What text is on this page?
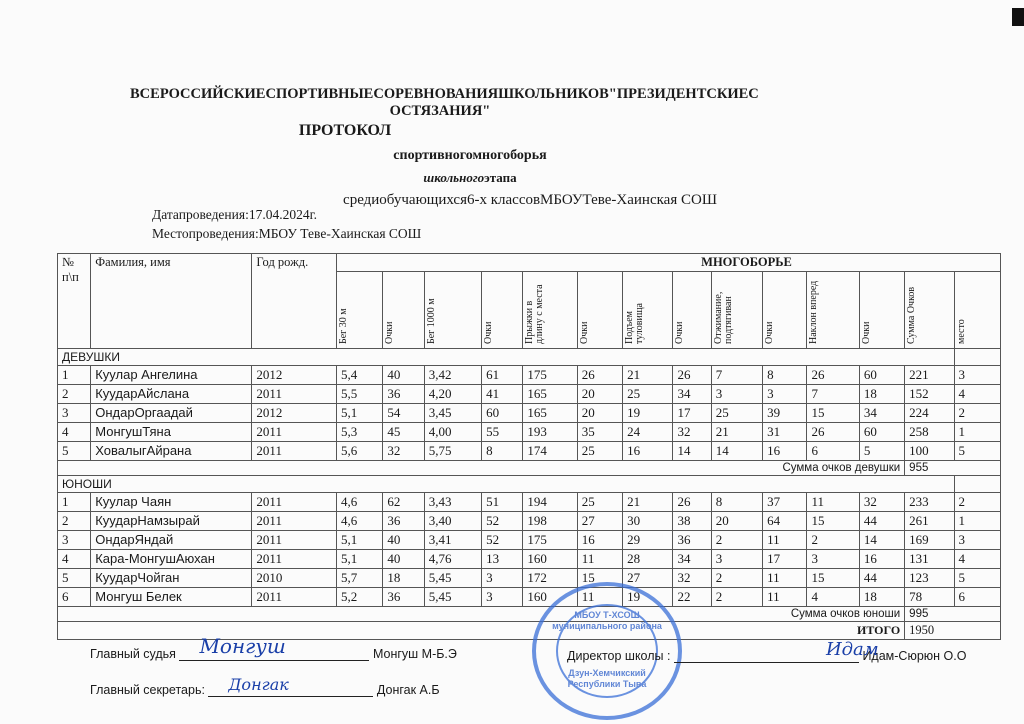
ВСЕРОССИЙСКИЕСПОРТИВНЫЕСОРЕВНОВАНИЯШКОЛЬНИКОВ"ПРЕЗИДЕНТСКИЕС
ОСТЯЗАНИЯ"
ПРОТОКОЛ
спортивногомногоборья
школьногоэтапа
средиобучающихся6-х классовМБОУТеве-Хаинская СОШ
Датапроведения:17.04.2024г.
Местопроведения:МБОУ Теве-Хаинская СОШ
№ п\п	Фамилия, имя	Год рожд.	МНОГОБОРЬЕ													

			Бег 30 м	Очки	Бег 1000 м	Очки	Прыжки в длину с места	Очки	Подъем туловища	Очки	Отжимание, подтягиван	Очки	Наклон вперед	Очки	Сумма Очков	место

ДЕВУШКИ																
1	Куулар Ангелина	2012	5,4	40	3,42	61	175	26	21	26	7	8	26	60	221	3
2	КуударАйслана	2011	5,5	36	4,20	41	165	20	25	34	3	3	7	18	152	4
3	ОндарОргаадай	2012	5,1	54	3,45	60	165	20	19	17	25	39	15	34	224	2
4	МонгушТяна	2011	5,3	45	4,00	55	193	35	24	32	21	31	26	60	258	1
5	ХовалыгАйрана	2011	5,6	32	5,75	8	174	25	16	14	14	16	6	5	100	5
Сумма очков девушки															955	
ЮНОШИ																
1	Куулар Чаян	2011	4,6	62	3,43	51	194	25	21	26	8	37	11	32	233	2
2	КуударНамзырай	2011	4,6	36	3,40	52	198	27	30	38	20	64	15	44	261	1
3	ОндарЯндай	2011	5,1	40	3,41	52	175	16	29	36	2	11	2	14	169	3
4	Кара-МонгушАюхан	2011	5,1	40	4,76	13	160	11	28	34	3	17	3	16	131	4
5	КуударЧойган	2010	5,7	18	5,45	3	172	15	27	32	2	11	15	44	123	5
6	Монгуш Белек	2011	5,2	36	5,45	3	160	11	19	22	2	11	4	18	78	6
Сумма очков юноши															995	
ИТОГО															1950	
Главный судья Монгуш	Монгуш М-Б.Э
Главный секретарь: Донгак	Донгак А.Б
МБОУ Т-ХСОШ
муниципального района
Дзун-Хемчикский
Республики Тыва
Директор школы :	Идам
Идам-Сюрюн О.О
